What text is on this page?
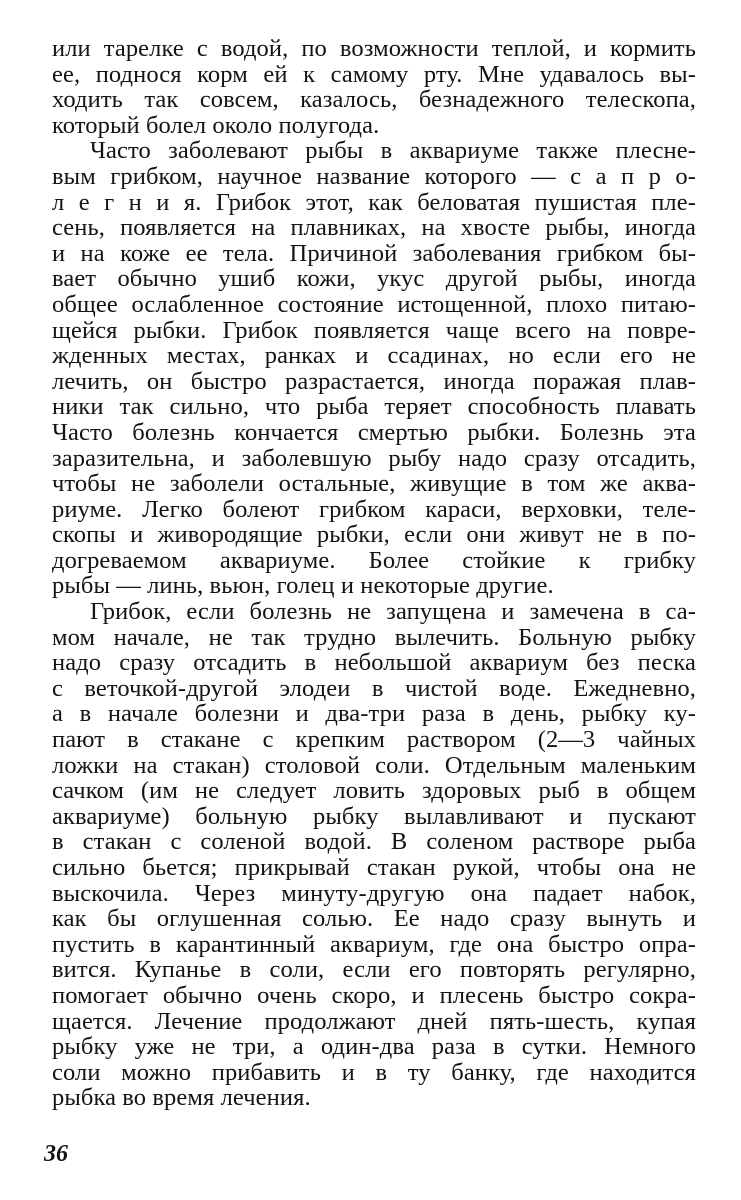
или тарелке с водой, по возможности теплой, и кормить
ее, поднося корм ей к самому рту. Мне удавалось вы-
ходить так совсем, казалось, безнадежного телескопа,
который болел около полугода.
Часто заболевают рыбы в аквариуме также плесне-
вым грибком, научное название которого — с а п р о-
л е г н и я. Грибок этот, как беловатая пушистая пле-
сень, появляется на плавниках, на хвосте рыбы, иногда
и на коже ее тела. Причиной заболевания грибком бы-
вает обычно ушиб кожи, укус другой рыбы, иногда
общее ослабленное состояние истощенной, плохо питаю-
щейся рыбки. Грибок появляется чаще всего на повре-
жденных местах, ранках и ссадинах, но если его не
лечить, он быстро разрастается, иногда поражая плав-
ники так сильно, что рыба теряет способность плавать
Часто болезнь кончается смертью рыбки. Болезнь эта
заразительна, и заболевшую рыбу надо сразу отсадить,
чтобы не заболели остальные, живущие в том же аква-
риуме. Легко болеют грибком караси, верховки, теле-
скопы и живородящие рыбки, если они живут не в по-
догреваемом аквариуме. Более стойкие к грибку
рыбы — линь, вьюн, голец и некоторые другие.
Грибок, если болезнь не запущена и замечена в са-
мом начале, не так трудно вылечить. Больную рыбку
надо сразу отсадить в небольшой аквариум без песка
с веточкой-другой элодеи в чистой воде. Ежедневно,
а в начале болезни и два-три раза в день, рыбку ку-
пают в стакане с крепким раствором (2—3 чайных
ложки на стакан) столовой соли. Отдельным маленьким
сачком (им не следует ловить здоровых рыб в общем
аквариуме) больную рыбку вылавливают и пускают
в стакан с соленой водой. В соленом растворе рыба
сильно бьется; прикрывай стакан рукой, чтобы она не
выскочила. Через минуту-другую она падает набок,
как бы оглушенная солью. Ее надо сразу вынуть и
пустить в карантинный аквариум, где она быстро опра-
вится. Купанье в соли, если его повторять регулярно,
помогает обычно очень скоро, и плесень быстро сокра-
щается. Лечение продолжают дней пять-шесть, купая
рыбку уже не три, а один-два раза в сутки. Немного
соли можно прибавить и в ту банку, где находится
рыбка во время лечения.
36
